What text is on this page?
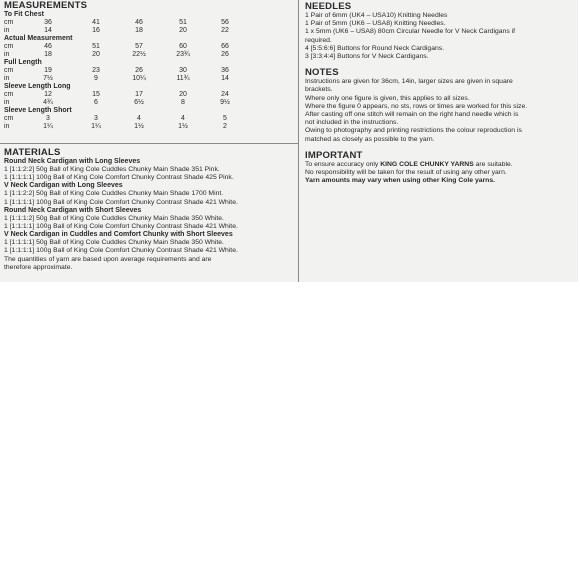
MEASUREMENTS
To Fit Chest
cm	36	41	46	51	56
in	14	16	18	20	22
Actual Measurement
cm	46	51	57	60	66
in	18	20	22½	23¾	26
Full Length
cm	19	23	26	30	36
in	7½	9	10¼	11¾	14
Sleeve Length Long
cm	12	15	17	20	24
in	4¾	6	6½	8	9½
Sleeve Length Short
cm	3	3	4	4	5
in	1¼	1¼	1½	1½	2
MATERIALS
Round Neck Cardigan with Long Sleeves
1 [1:1:2:2] 50g Ball of King Cole Cuddles Chunky Main Shade 351 Pink.
1 [1:1:1:1] 100g Ball of King Cole Comfort Chunky Contrast Shade 425 Pink.
V Neck Cardigan with Long Sleeves
1 [1:1:2:2] 50g Ball of King Cole Cuddles Chunky Main Shade 1700 Mint.
1 [1:1:1:1] 100g Ball of King Cole Comfort Chunky Contrast Shade 421 White.
Round Neck Cardigan with Short Sleeves
1 [1:1:1:2] 50g Ball of King Cole Cuddles Chunky Main Shade 350 White.
1 [1:1:1:1] 100g Ball of King Cole Comfort Chunky Contrast Shade 421 White.
V Neck Cardigan in Cuddles and Comfort Chunky with Short Sleeves
1 [1:1:1:1] 50g Ball of King Cole Cuddles Chunky Main Shade 350 White.
1 [1:1:1:1] 100g Ball of King Cole Comfort Chunky Contrast Shade 421 White.
The quantities of yarn are based upon average requirements and are
therefore approximate.
NEEDLES
1 Pair of 6mm (UK4 – USA10) Knitting Needles
1 Pair of 5mm (UK6 – USA8) Knitting Needles.
1 x 5mm (UK6 – USA8) 80cm Circular Needle for V Neck Cardigans if
required.
4 [5:5:6:6] Buttons for Round Neck Cardigans.
3 [3:3:4:4] Buttons for V Neck Cardigans.
NOTES
Instructions are given for 36cm, 14in, larger sizes are given in square
brackets.
Where only one figure is given, this applies to all sizes.
Where the figure 0 appears, no sts, rows or times are worked for this size.
After casting off one stitch will remain on the right hand needle which is
not included in the instructions.
Owing to photography and printing restrictions the colour reproduction is
matched as closely as possible to the yarn.
IMPORTANT
To ensure accuracy only KING COLE CHUNKY YARNS are suitable.
No responsibility will be taken for the result of using any other yarn.
Yarn amounts may vary when using other King Cole yarns.
